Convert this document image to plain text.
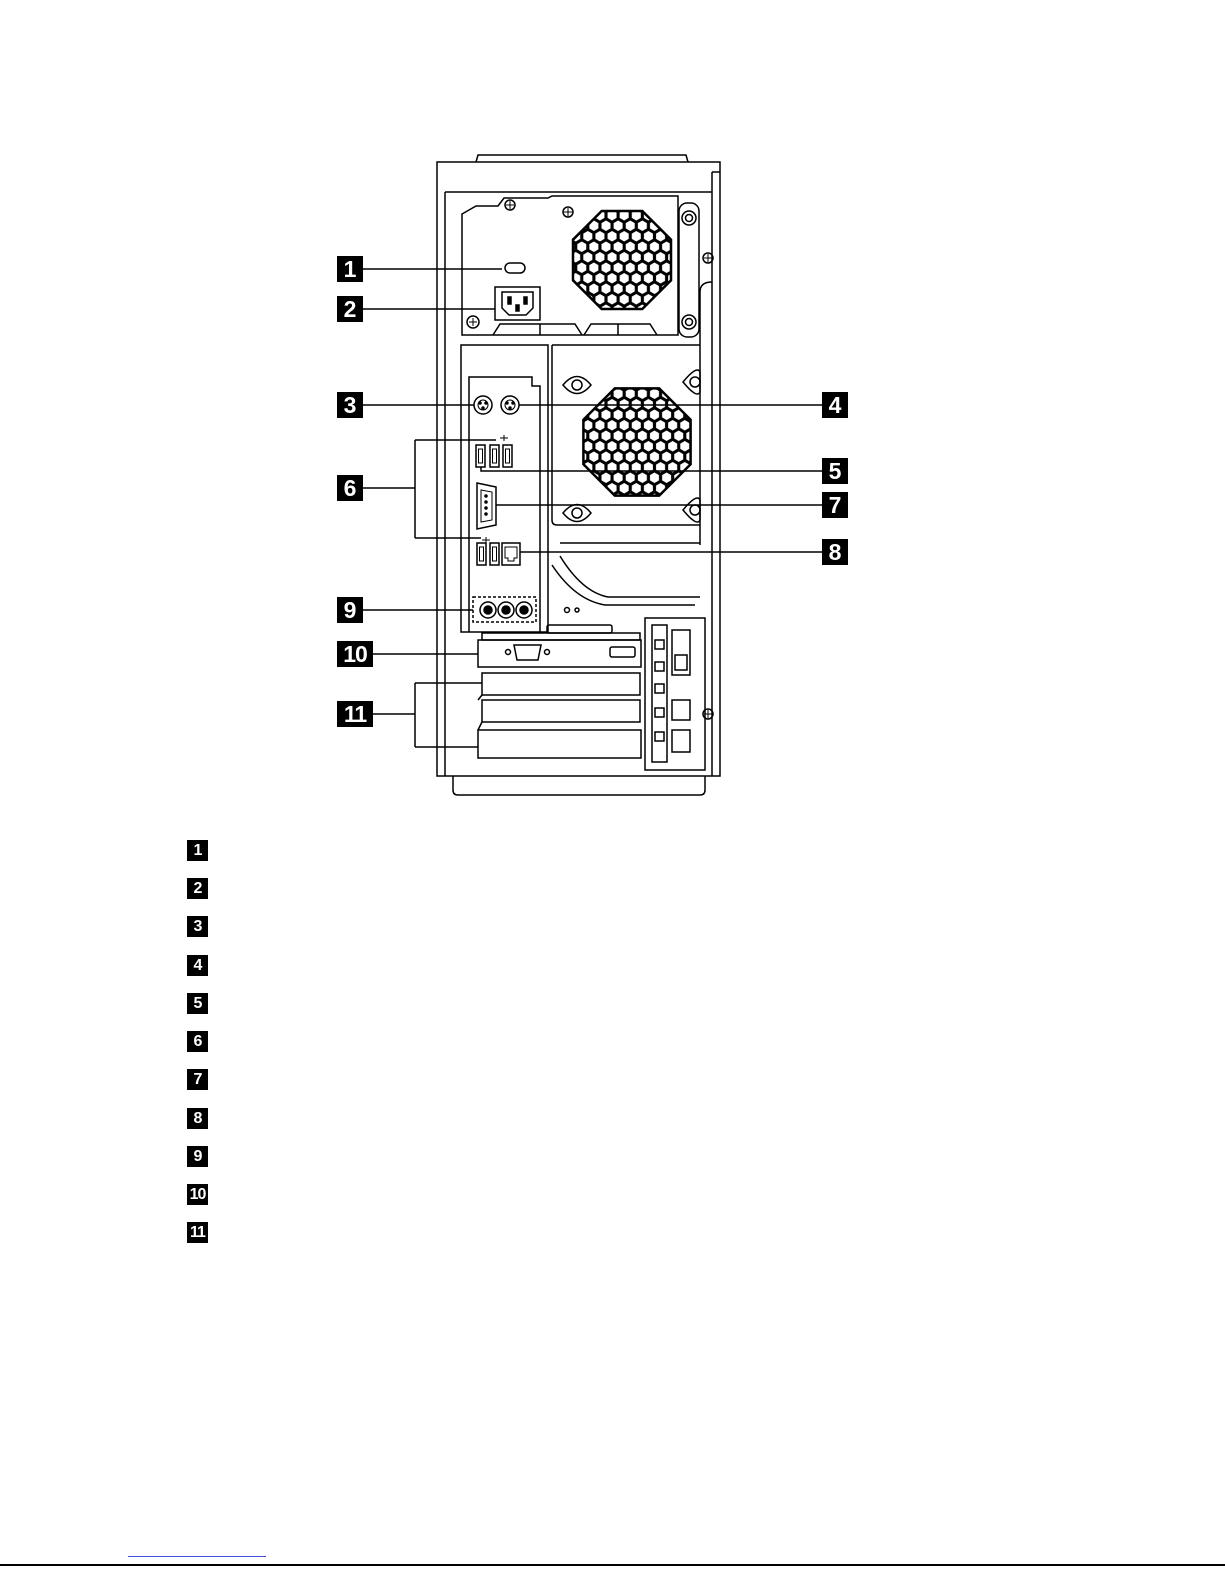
1
2
3	4
5
6
7
8
9
10
11
1
2
3
4
5
6
7
8
9
10
11
